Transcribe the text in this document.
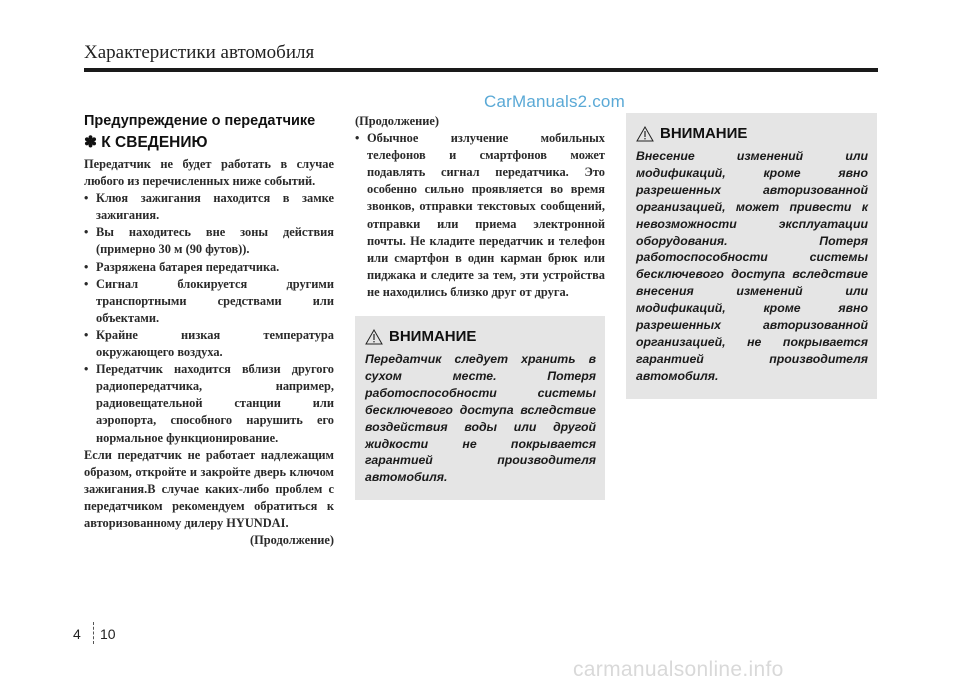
Характеристики автомобиля
CarManuals2.com

Предупреждение о передатчике

✽ К СВЕДЕНИЮ

Передатчик не будет работать в случае любого из перечисленных ниже событий.

• Клюя зажигания находится в замке зажигания.
• Вы находитесь вне зоны действия (примерно 30 м (90 футов)).
• Разряжена батарея передатчика.
• Сигнал блокируется другими транспортными средствами или объектами.
• Крайне низкая температура окружающего воздуха.
• Передатчик находится вблизи другого радиопередатчика, например, радиовещательной станции или аэропорта, способного нарушить его нормальное функционирование.

Если передатчик не работает надлежащим образом, откройте и закройте дверь ключом зажигания.В случае каких-либо проблем с передатчиком рекомендуем обратиться к авторизованному дилеру HYUNDAI.

(Продолжение)

(Продолжение)

• Обычное излучение мобильных телефонов и смартфонов может подавлять сигнал передатчика. Это особенно сильно проявляется во время звонков, отправки текстовых сообщений, отправки или приема электронной почты. Не кладите передатчик и телефон или смартфон в один карман брюк или пиджака и следите за тем, эти устройства не находились близко друг от друга.
ВНИМАНИЕ

Передатчик следует хранить в сухом месте. Потеря работоспособности системы бесключевого доступа вследствие воздействия воды или другой жидкости не покрывается гарантией производителя автомобиля.

ВНИМАНИЕ

Внесение изменений или модификаций, кроме явно разрешенных авторизованной организацией, может привести к невозможности эксплуатации оборудования. Потеря работоспособности системы бесключевого доступа вследствие внесения изменений или модификаций, кроме явно разрешенных авторизованной организацией, не покрывается гарантией производителя автомобиля.

4 10
carmanualsonline.info
